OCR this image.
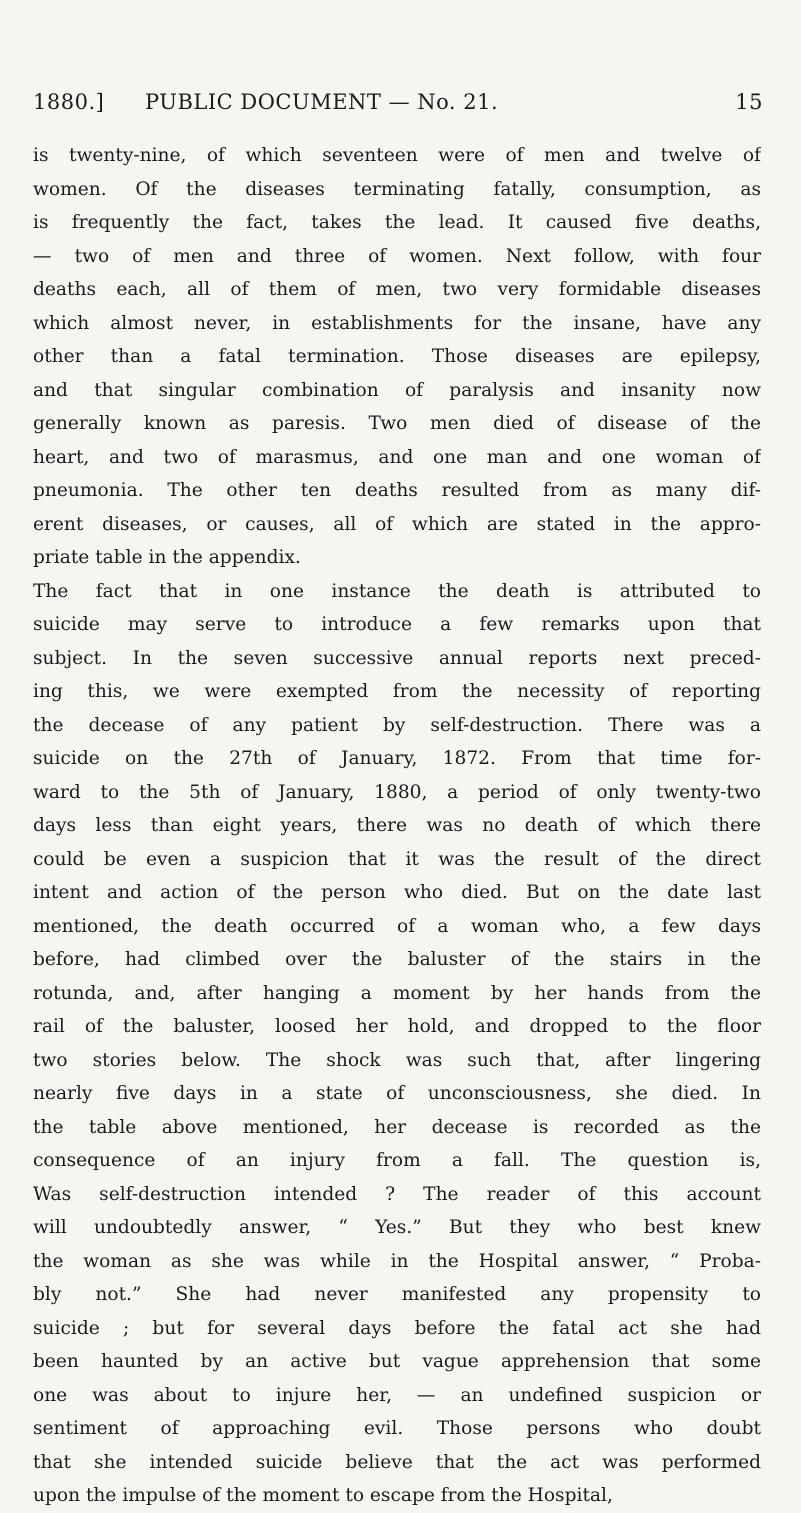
1880.] PUBLIC DOCUMENT — No. 21.	15
is twenty-nine, of which seventeen were of men and twelve of
women. Of the diseases terminating fatally, consumption, as
is frequently the fact, takes the lead. It caused five deaths,
— two of men and three of women. Next follow, with four
deaths each, all of them of men, two very formidable diseases
which almost never, in establishments for the insane, have any
other than a fatal termination. Those diseases are epilepsy,
and that singular combination of paralysis and insanity now
generally known as paresis. Two men died of disease of the
heart, and two of marasmus, and one man and one woman of
pneumonia. The other ten deaths resulted from as many dif-
erent diseases, or causes, all of which are stated in the appro-
priate table in the appendix.
The fact that in one instance the death is attributed to
suicide may serve to introduce a few remarks upon that
subject. In the seven successive annual reports next preced-
ing this, we were exempted from the necessity of reporting
the decease of any patient by self-destruction. There was a
suicide on the 27th of January, 1872. From that time for-
ward to the 5th of January, 1880, a period of only twenty-two
days less than eight years, there was no death of which there
could be even a suspicion that it was the result of the direct
intent and action of the person who died. But on the date last
mentioned, the death occurred of a woman who, a few days
before, had climbed over the baluster of the stairs in the
rotunda, and, after hanging a moment by her hands from the
rail of the baluster, loosed her hold, and dropped to the floor
two stories below. The shock was such that, after lingering
nearly five days in a state of unconsciousness, she died. In
the table above mentioned, her decease is recorded as the
consequence of an injury from a fall. The question is,
Was self-destruction intended ? The reader of this account
will undoubtedly answer, “ Yes.” But they who best knew
the woman as she was while in the Hospital answer, “ Proba-
bly not.” She had never manifested any propensity to
suicide ; but for several days before the fatal act she had
been haunted by an active but vague apprehension that some
one was about to injure her, — an undefined suspicion or
sentiment of approaching evil. Those persons who doubt
that she intended suicide believe that the act was performed
upon the impulse of the moment to escape from the Hospital,
